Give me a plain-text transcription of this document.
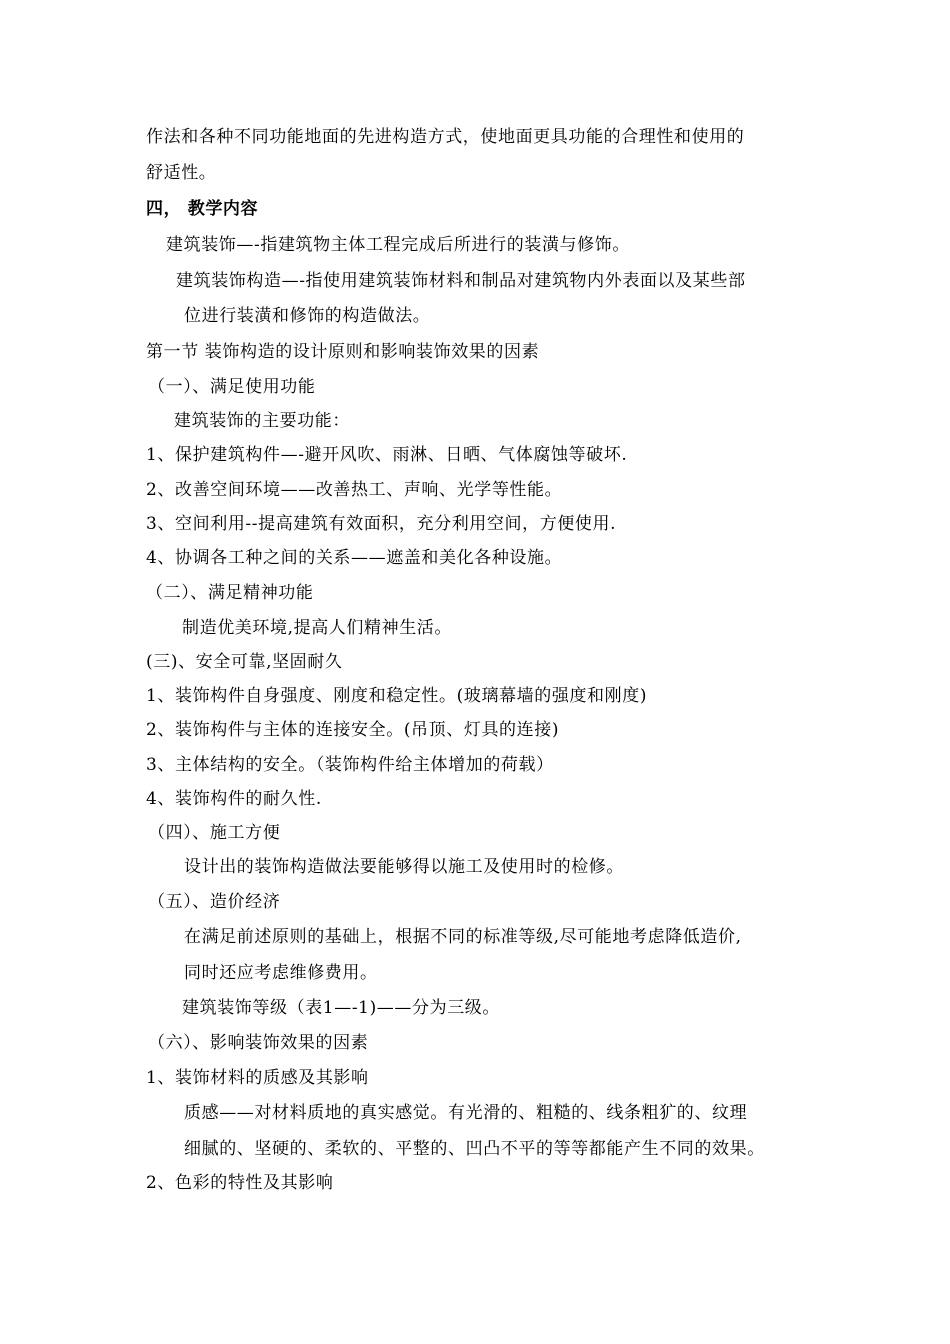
作法和各种不同功能地面的先进构造方式，使地面更具功能的合理性和使用的
舒适性。
四， 教学内容
建筑装饰—-指建筑物主体工程完成后所进行的装潢与修饰。
建筑装饰构造—-指使用建筑装饰材料和制品对建筑物内外表面以及某些部
位进行装潢和修饰的构造做法。
第一节 装饰构造的设计原则和影响装饰效果的因素
（一）、满足使用功能
建筑装饰的主要功能：
1、保护建筑构件—-避开风吹、雨淋、日晒、气体腐蚀等破坏.
2、改善空间环境——改善热工、声响、光学等性能。
3、空间利用--提高建筑有效面积，充分利用空间，方便使用.
4、协调各工种之间的关系——遮盖和美化各种设施。
（二）、满足精神功能
制造优美环境,提高人们精神生活。
(三)、安全可靠,坚固耐久
1、装饰构件自身强度、刚度和稳定性。(玻璃幕墙的强度和刚度)
2、装饰构件与主体的连接安全。(吊顶、灯具的连接)
3、主体结构的安全。（装饰构件给主体增加的荷载）
4、装饰构件的耐久性.
（四）、施工方便
设计出的装饰构造做法要能够得以施工及使用时的检修。
（五）、造价经济
在满足前述原则的基础上，根据不同的标准等级,尽可能地考虑降低造价,
同时还应考虑维修费用。
建筑装饰等级（表1—-1)——分为三级。
（六）、影响装饰效果的因素
1、装饰材料的质感及其影响
质感——对材料质地的真实感觉。有光滑的、粗糙的、线条粗犷的、纹理
细腻的、坚硬的、柔软的、平整的、凹凸不平的等等都能产生不同的效果。
2、色彩的特性及其影响
